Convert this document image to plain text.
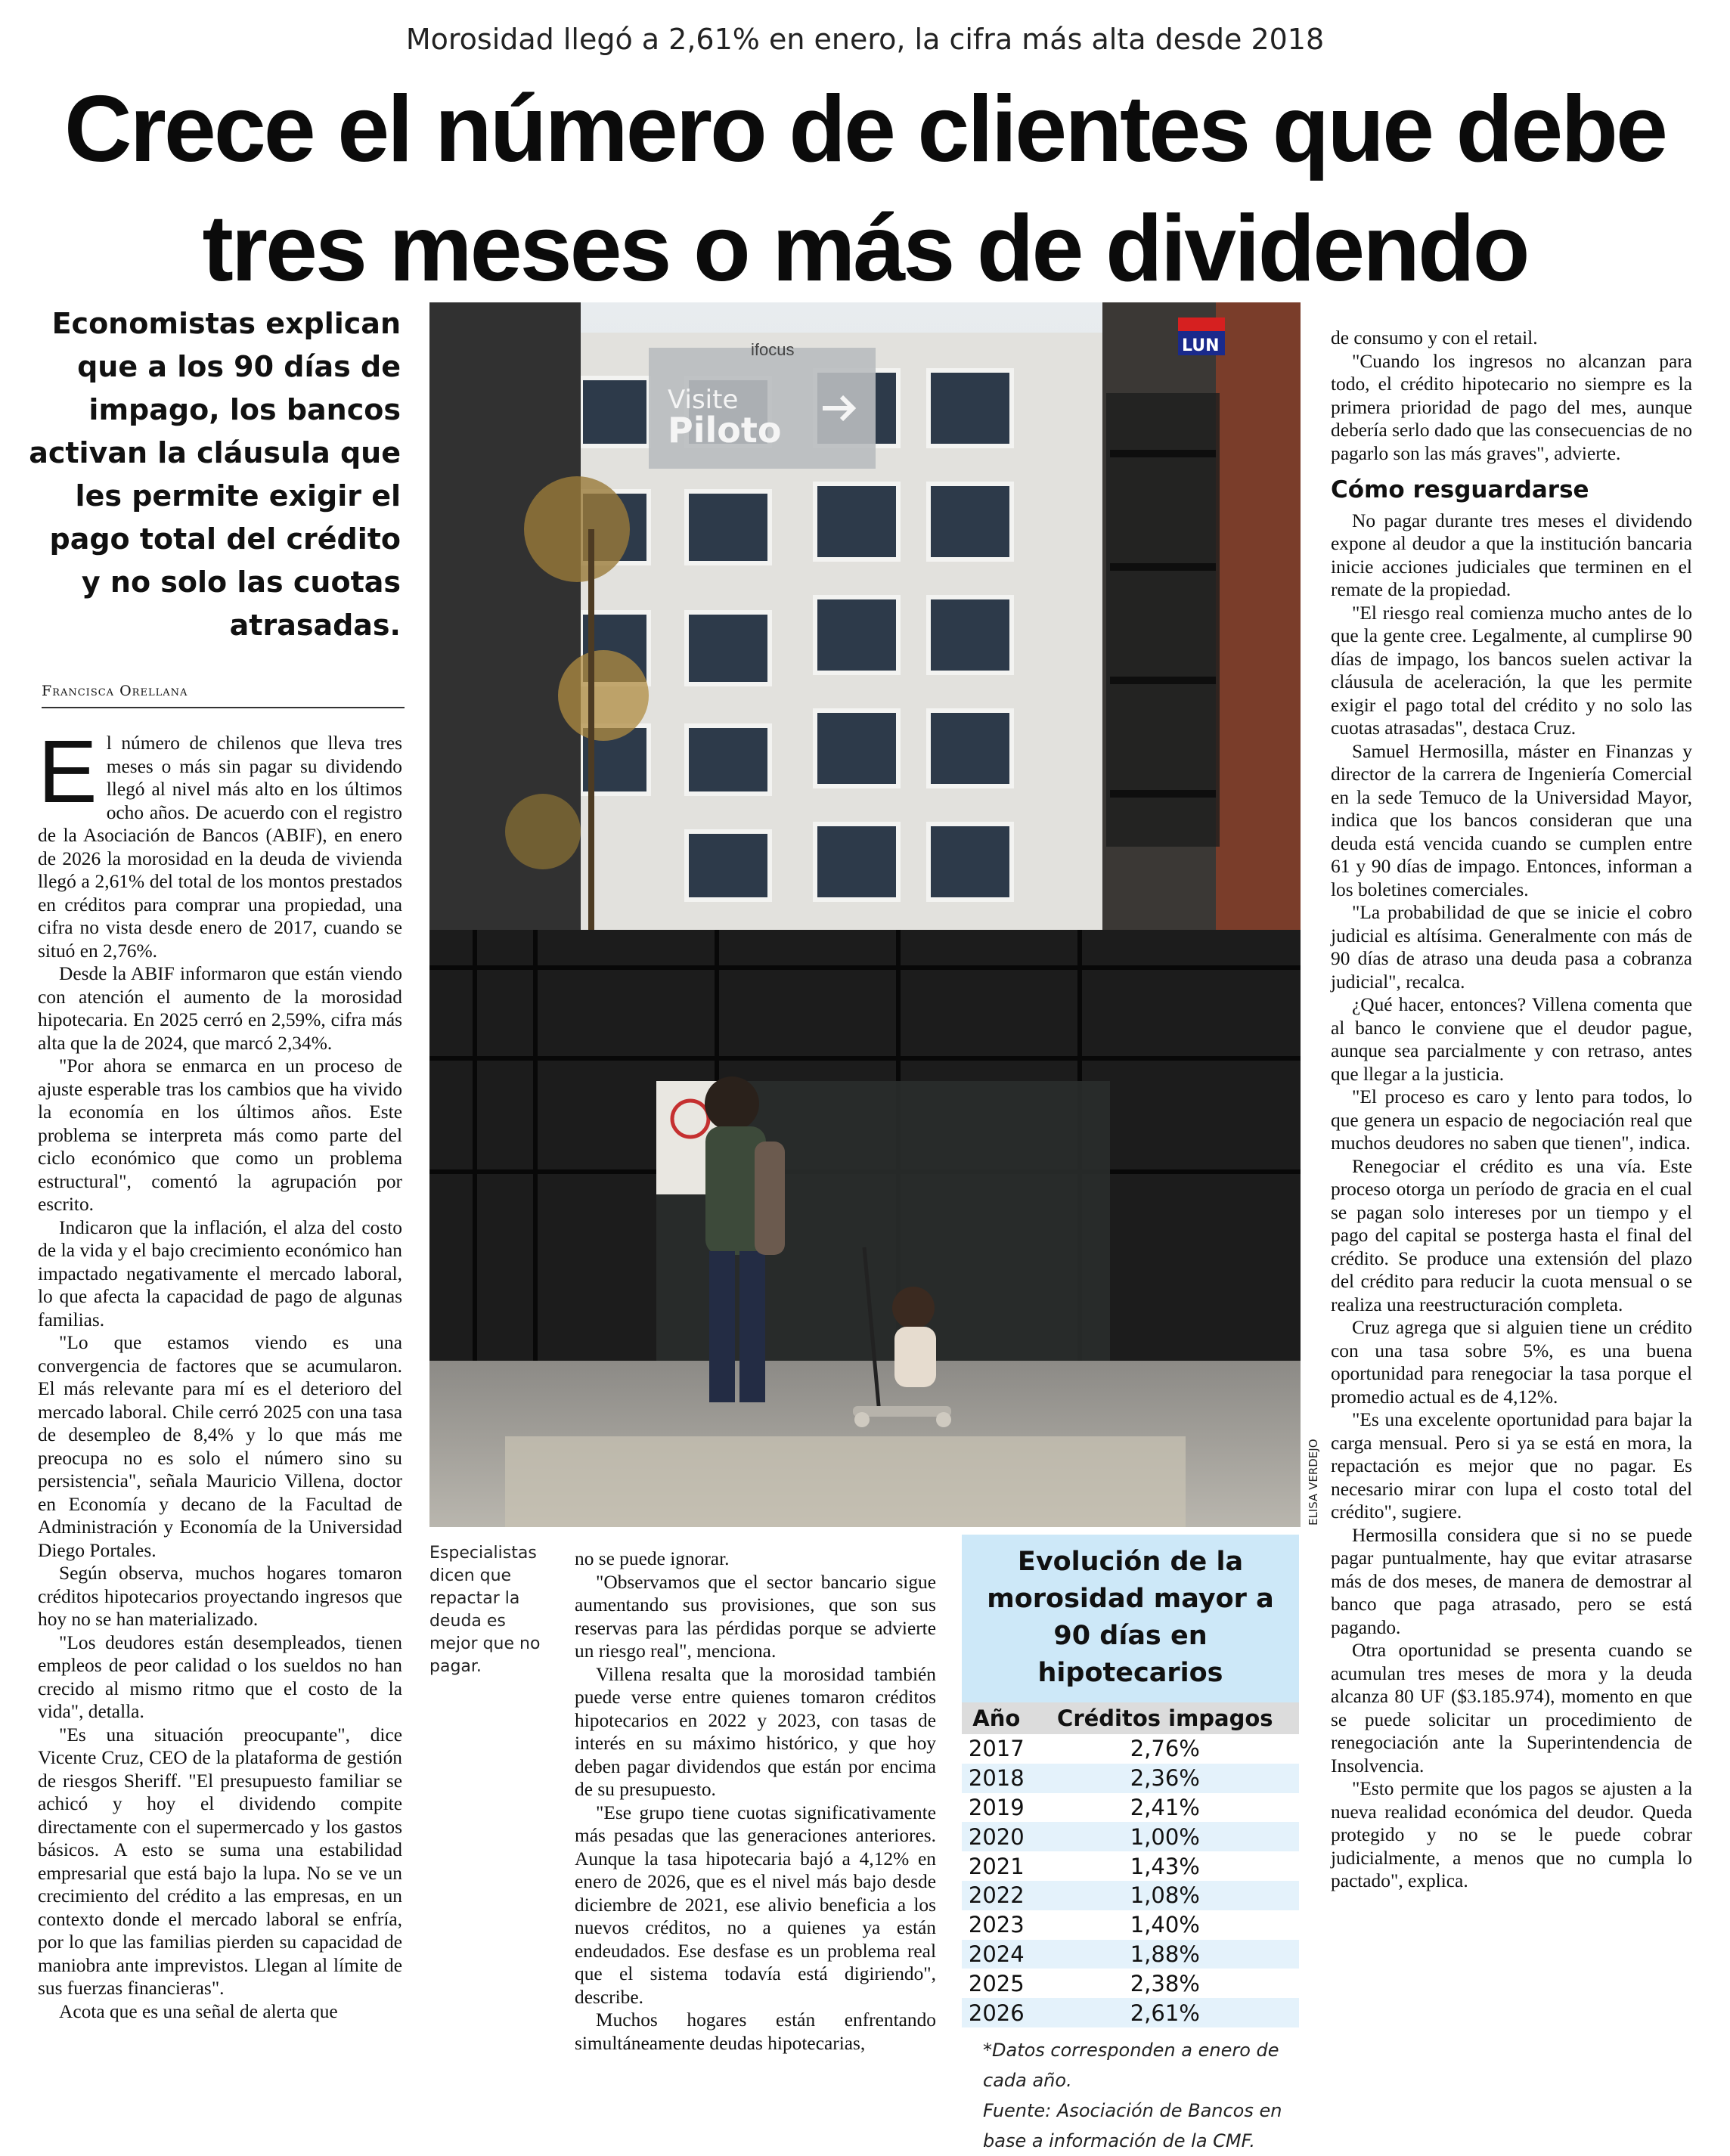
Morosidad llegó a 2,61% en enero, la cifra más alta desde 2018
Crece el número de clientes que debe
tres meses o más de dividendo
Economistas explican que a los 90 días de impago, los bancos activan la cláusula que les permite exigir el pago total del crédito y no solo las cuotas atrasadas.
Francisca Orellana

El número de chilenos que lleva tres meses o más sin pagar su dividendo llegó al nivel más alto en los últimos ocho años. De acuerdo con el registro de la Asociación de Bancos (ABIF), en enero de 2026 la morosidad en la deuda de vivienda llegó a 2,61% del total de los montos prestados en créditos para comprar una propiedad, una cifra no vista desde enero de 2017, cuando se situó en 2,76%.

Desde la ABIF informaron que están viendo con atención el aumento de la morosidad hipotecaria. En 2025 cerró en 2,59%, cifra más alta que la de 2024, que marcó 2,34%.

"Por ahora se enmarca en un proceso de ajuste esperable tras los cambios que ha vivido la economía en los últimos años. Este problema se interpreta más como parte del ciclo económico que como un problema estructural", comentó la agrupación por escrito.

Indicaron que la inflación, el alza del costo de la vida y el bajo crecimiento económico han impactado negativamente el mercado laboral, lo que afecta la capacidad de pago de algunas familias.

"Lo que estamos viendo es una convergencia de factores que se acumularon. El más relevante para mí es el deterioro del mercado laboral. Chile cerró 2025 con una tasa de desempleo de 8,4% y lo que más me preocupa no es solo el número sino su persistencia", señala Mauricio Villena, doctor en Economía y decano de la Facultad de Administración y Economía de la Universidad Diego Portales.

Según observa, muchos hogares tomaron créditos hipotecarios proyectando ingresos que hoy no se han materializado.

"Los deudores están desempleados, tienen empleos de peor calidad o los sueldos no han crecido al mismo ritmo que el costo de la vida", detalla.

"Es una situación preocupante", dice Vicente Cruz, CEO de la plataforma de gestión de riesgos Sheriff. "El presupuesto familiar se achicó y hoy el dividendo compite directamente con el supermercado y los gastos básicos. A esto se suma una estabilidad empresarial que está bajo la lupa. No se ve un crecimiento del crédito a las empresas, en un contexto donde el mercado laboral se enfría, por lo que las familias pierden su capacidad de maniobra ante imprevistos. Llegan al límite de sus fuerzas financieras".

Acota que es una señal de alerta que

ifocus
Visite
Piloto
LUN
ELISA VERDEJO
Especialistas dicen que repactar la deuda es mejor que no pagar.

no se puede ignorar.

"Observamos que el sector bancario sigue aumentando sus provisiones, que son sus reservas para las pérdidas porque se advierte un riesgo real", menciona.

Villena resalta que la morosidad también puede verse entre quienes tomaron créditos hipotecarios en 2022 y 2023, con tasas de interés en su máximo histórico, y que hoy deben pagar dividendos que están por encima de su presupuesto.

"Ese grupo tiene cuotas significativamente más pesadas que las generaciones anteriores. Aunque la tasa hipotecaria bajó a 4,12% en enero de 2026, que es el nivel más bajo desde diciembre de 2021, ese alivio beneficia a los nuevos créditos, no a quienes ya están endeudados. Ese desfase es un problema real que el sistema todavía está digiriendo", describe.

Muchos hogares están enfrentando simultáneamente deudas hipotecarias,

Evolución de la morosidad mayor a 90 días en hipotecarios
Año	Créditos impagos
2017	2,76%
2018	2,36%
2019	2,41%
2020	1,00%
2021	1,43%
2022	1,08%
2023	1,40%
2024	1,88%
2025	2,38%
2026	2,61%
*Datos corresponden a enero de cada año.
Fuente: Asociación de Bancos en base a información de la CMF.

de consumo y con el retail.

"Cuando los ingresos no alcanzan para todo, el crédito hipotecario no siempre es la primera prioridad de pago del mes, aunque debería serlo dado que las consecuencias de no pagarlo son las más graves", advierte.

Cómo resguardarse

No pagar durante tres meses el dividendo expone al deudor a que la institución bancaria inicie acciones judiciales que terminen en el remate de la propiedad.

"El riesgo real comienza mucho antes de lo que la gente cree. Legalmente, al cumplirse 90 días de impago, los bancos suelen activar la cláusula de aceleración, la que les permite exigir el pago total del crédito y no solo las cuotas atrasadas", destaca Cruz.

Samuel Hermosilla, máster en Finanzas y director de la carrera de Ingeniería Comercial en la sede Temuco de la Universidad Mayor, indica que los bancos consideran que una deuda está vencida cuando se cumplen entre 61 y 90 días de impago. Entonces, informan a los boletines comerciales.

"La probabilidad de que se inicie el cobro judicial es altísima. Generalmente con más de 90 días de atraso una deuda pasa a cobranza judicial", recalca.

¿Qué hacer, entonces? Villena comenta que al banco le conviene que el deudor pague, aunque sea parcialmente y con retraso, antes que llegar a la justicia.

"El proceso es caro y lento para todos, lo que genera un espacio de negociación real que muchos deudores no saben que tienen", indica.

Renegociar el crédito es una vía. Este proceso otorga un período de gracia en el cual se pagan solo intereses por un tiempo y el pago del capital se posterga hasta el final del crédito. Se produce una extensión del plazo del crédito para reducir la cuota mensual o se realiza una reestructuración completa.

Cruz agrega que si alguien tiene un crédito con una tasa sobre 5%, es una buena oportunidad para renegociar la tasa porque el promedio actual es de 4,12%.

"Es una excelente oportunidad para bajar la carga mensual. Pero si ya se está en mora, la repactación es mejor que no pagar. Es necesario mirar con lupa el costo total del crédito", sugiere.

Hermosilla considera que si no se puede pagar puntualmente, hay que evitar atrasarse más de dos meses, de manera de demostrar al banco que paga atrasado, pero se está pagando.

Otra oportunidad se presenta cuando se acumulan tres meses de mora y la deuda alcanza 80 UF ($3.185.974), momento en que se puede solicitar un procedimiento de renegociación ante la Superintendencia de Insolvencia.

"Esto permite que los pagos se ajusten a la nueva realidad económica del deudor. Queda protegido y no se le puede cobrar judicialmente, a menos que no cumpla lo pactado", explica.
